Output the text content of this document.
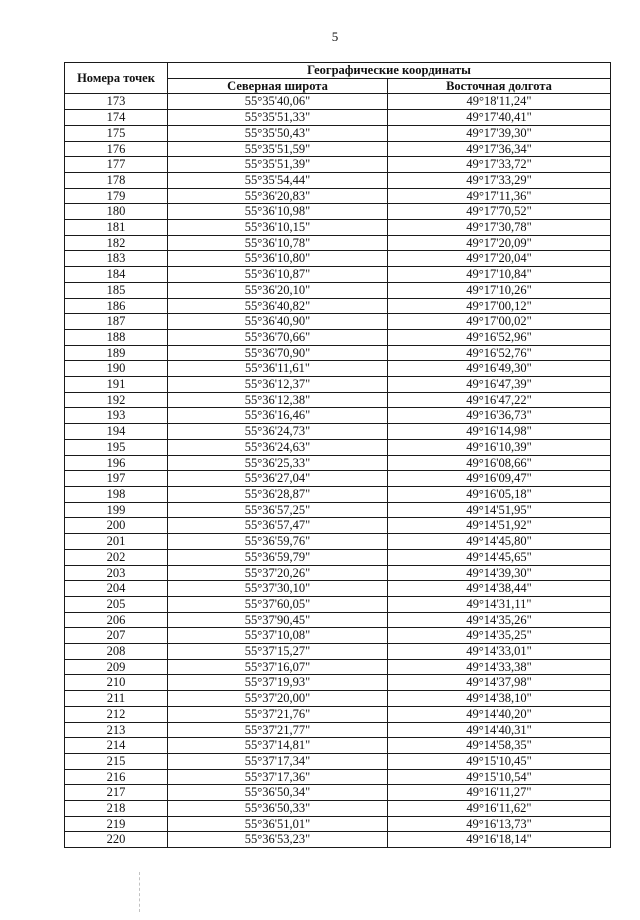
5
Номера точек	Географические координаты	
	Северная широта	Восточная долгота
173	55°35'40,06"	49°18'11,24"
174	55°35'51,33"	49°17'40,41"
175	55°35'50,43"	49°17'39,30"
176	55°35'51,59"	49°17'36,34"
177	55°35'51,39"	49°17'33,72"
178	55°35'54,44"	49°17'33,29"
179	55°36'20,83"	49°17'11,36"
180	55°36'10,98"	49°17'70,52"
181	55°36'10,15"	49°17'30,78"
182	55°36'10,78"	49°17'20,09"
183	55°36'10,80"	49°17'20,04"
184	55°36'10,87"	49°17'10,84"
185	55°36'20,10"	49°17'10,26"
186	55°36'40,82"	49°17'00,12"
187	55°36'40,90"	49°17'00,02"
188	55°36'70,66"	49°16'52,96"
189	55°36'70,90"	49°16'52,76"
190	55°36'11,61"	49°16'49,30"
191	55°36'12,37"	49°16'47,39"
192	55°36'12,38"	49°16'47,22"
193	55°36'16,46"	49°16'36,73"
194	55°36'24,73"	49°16'14,98"
195	55°36'24,63"	49°16'10,39"
196	55°36'25,33"	49°16'08,66"
197	55°36'27,04"	49°16'09,47"
198	55°36'28,87"	49°16'05,18"
199	55°36'57,25"	49°14'51,95"
200	55°36'57,47"	49°14'51,92"
201	55°36'59,76"	49°14'45,80"
202	55°36'59,79"	49°14'45,65"
203	55°37'20,26"	49°14'39,30"
204	55°37'30,10"	49°14'38,44"
205	55°37'60,05"	49°14'31,11"
206	55°37'90,45"	49°14'35,26"
207	55°37'10,08"	49°14'35,25"
208	55°37'15,27"	49°14'33,01"
209	55°37'16,07"	49°14'33,38"
210	55°37'19,93"	49°14'37,98"
211	55°37'20,00"	49°14'38,10"
212	55°37'21,76"	49°14'40,20"
213	55°37'21,77"	49°14'40,31"
214	55°37'14,81"	49°14'58,35"
215	55°37'17,34"	49°15'10,45"
216	55°37'17,36"	49°15'10,54"
217	55°36'50,34"	49°16'11,27"
218	55°36'50,33"	49°16'11,62"
219	55°36'51,01"	49°16'13,73"
220	55°36'53,23"	49°16'18,14"
